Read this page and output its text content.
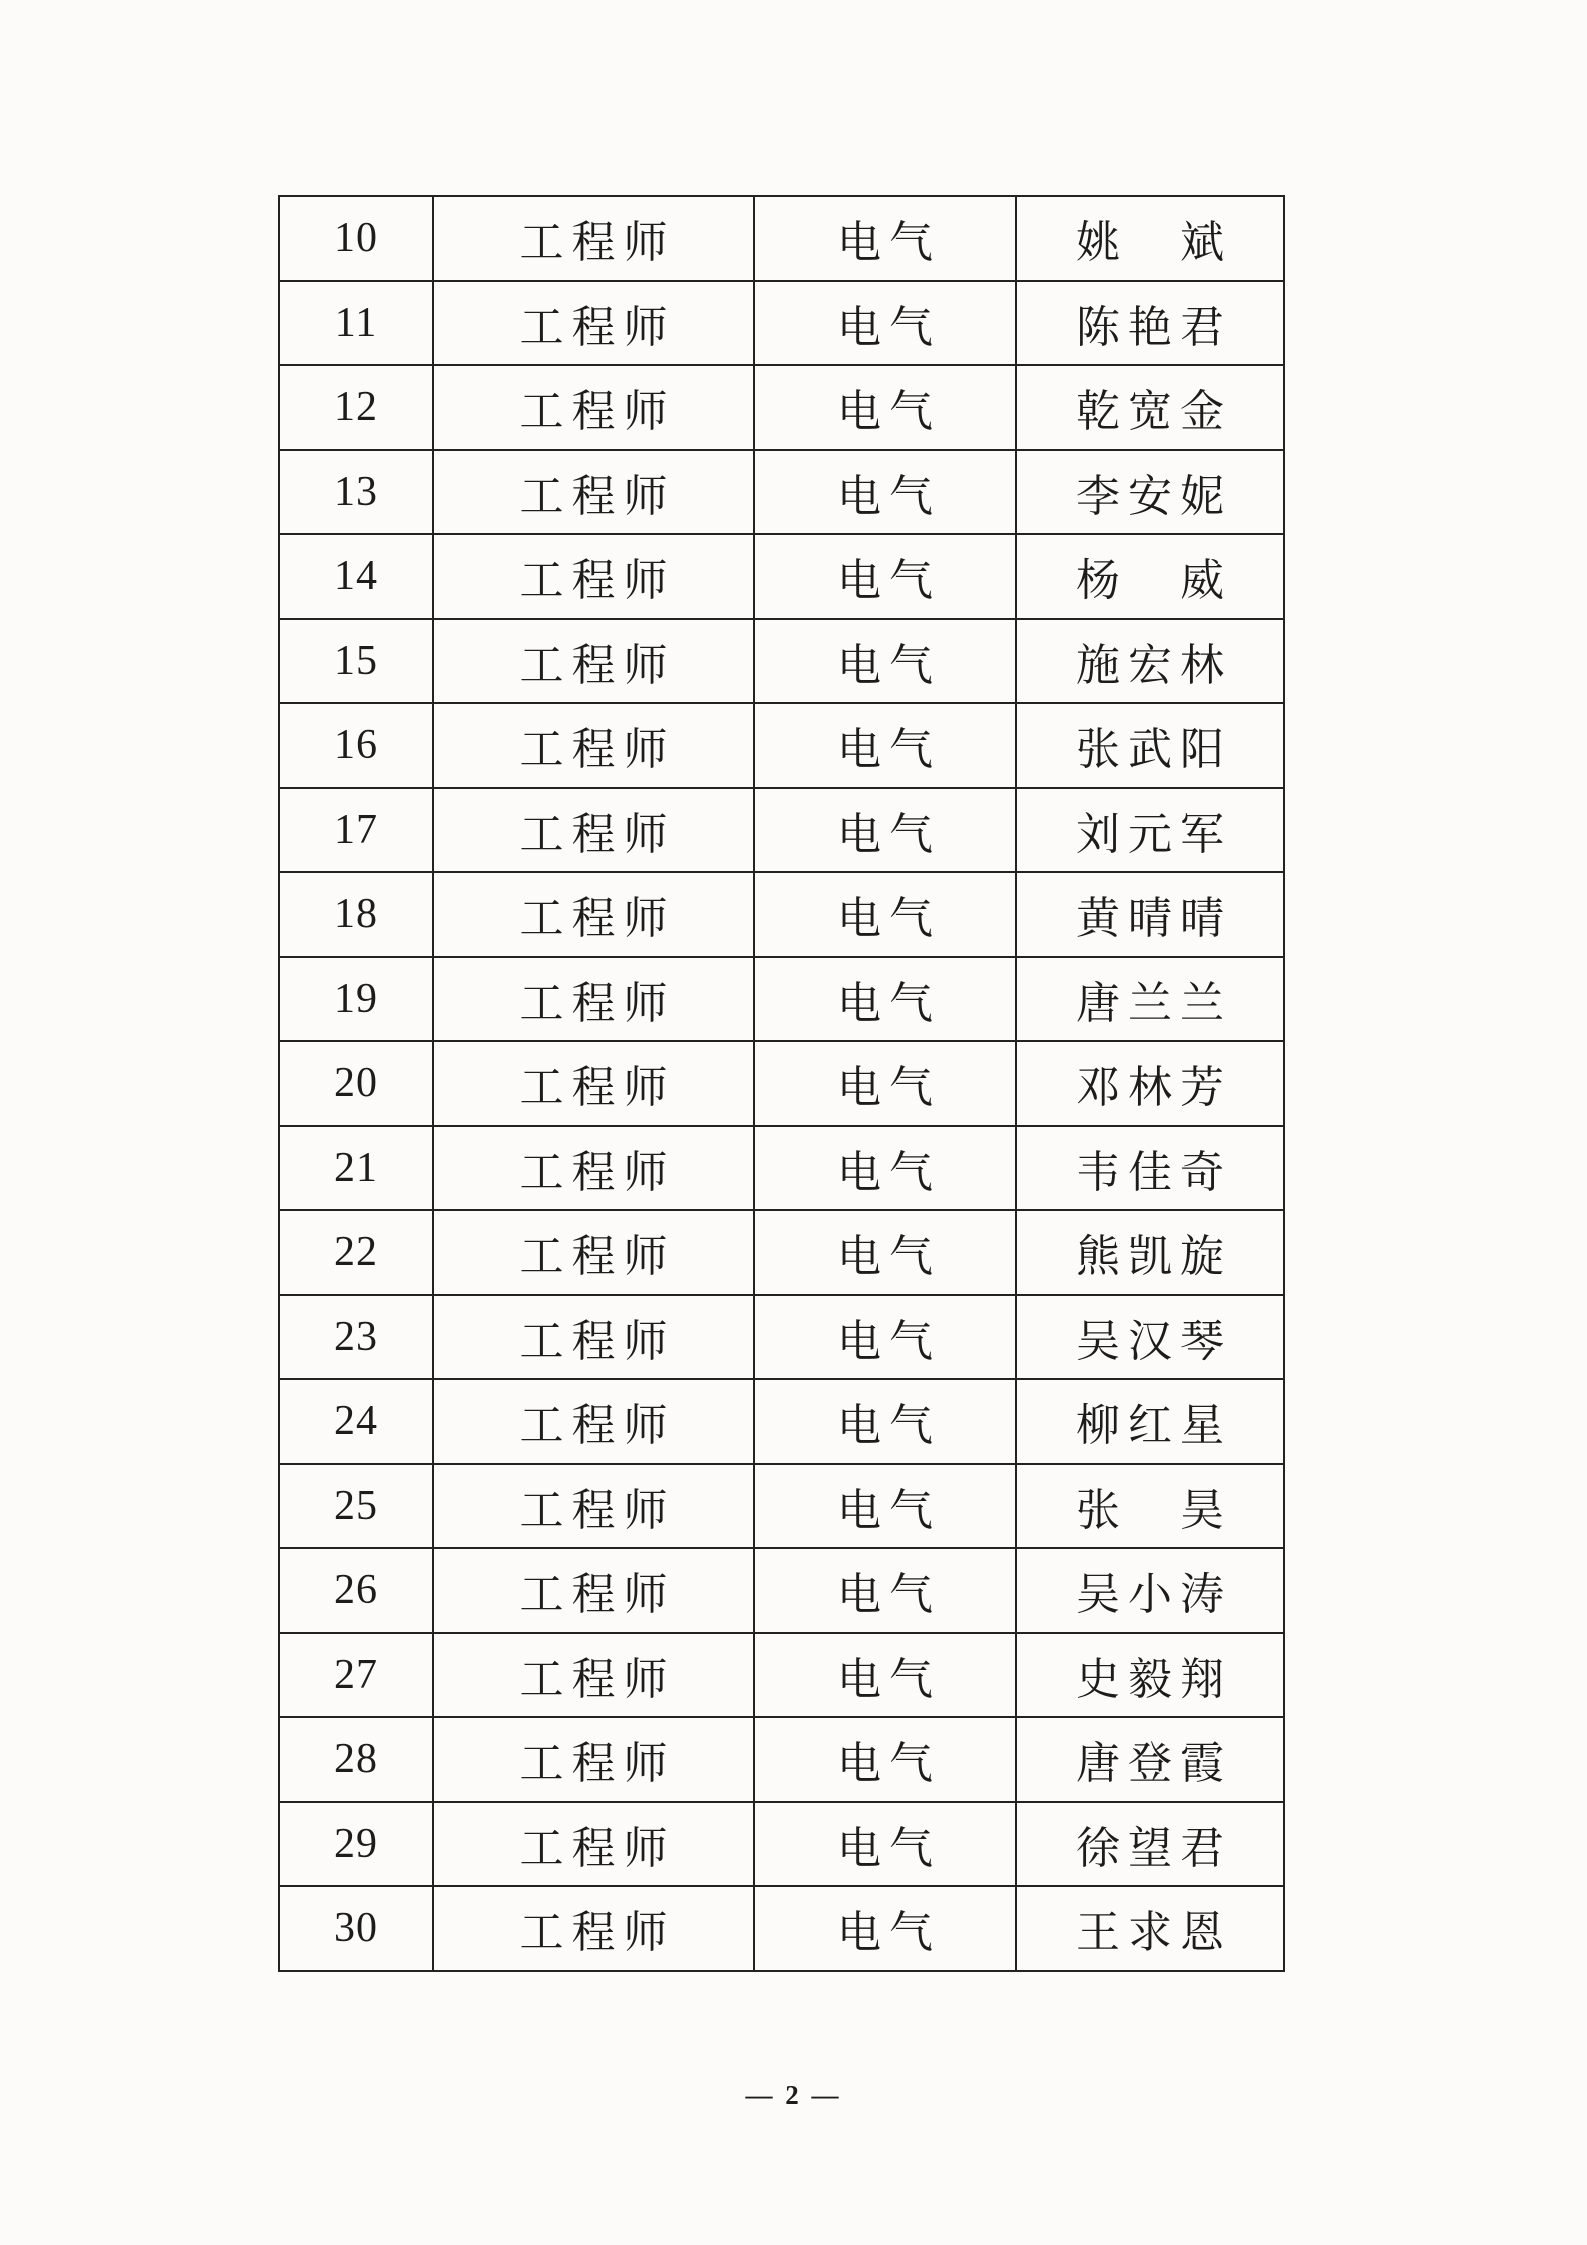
10	工程师	电气	姚　斌
11	工程师	电气	陈艳君
12	工程师	电气	乾宽金
13	工程师	电气	李安妮
14	工程师	电气	杨　威
15	工程师	电气	施宏林
16	工程师	电气	张武阳
17	工程师	电气	刘元军
18	工程师	电气	黄晴晴
19	工程师	电气	唐兰兰
20	工程师	电气	邓林芳
21	工程师	电气	韦佳奇
22	工程师	电气	熊凯旋
23	工程师	电气	吴汉琴
24	工程师	电气	柳红星
25	工程师	电气	张　昊
26	工程师	电气	吴小涛
27	工程师	电气	史毅翔
28	工程师	电气	唐登霞
29	工程师	电气	徐望君
30	工程师	电气	王求恩
— 2 —
